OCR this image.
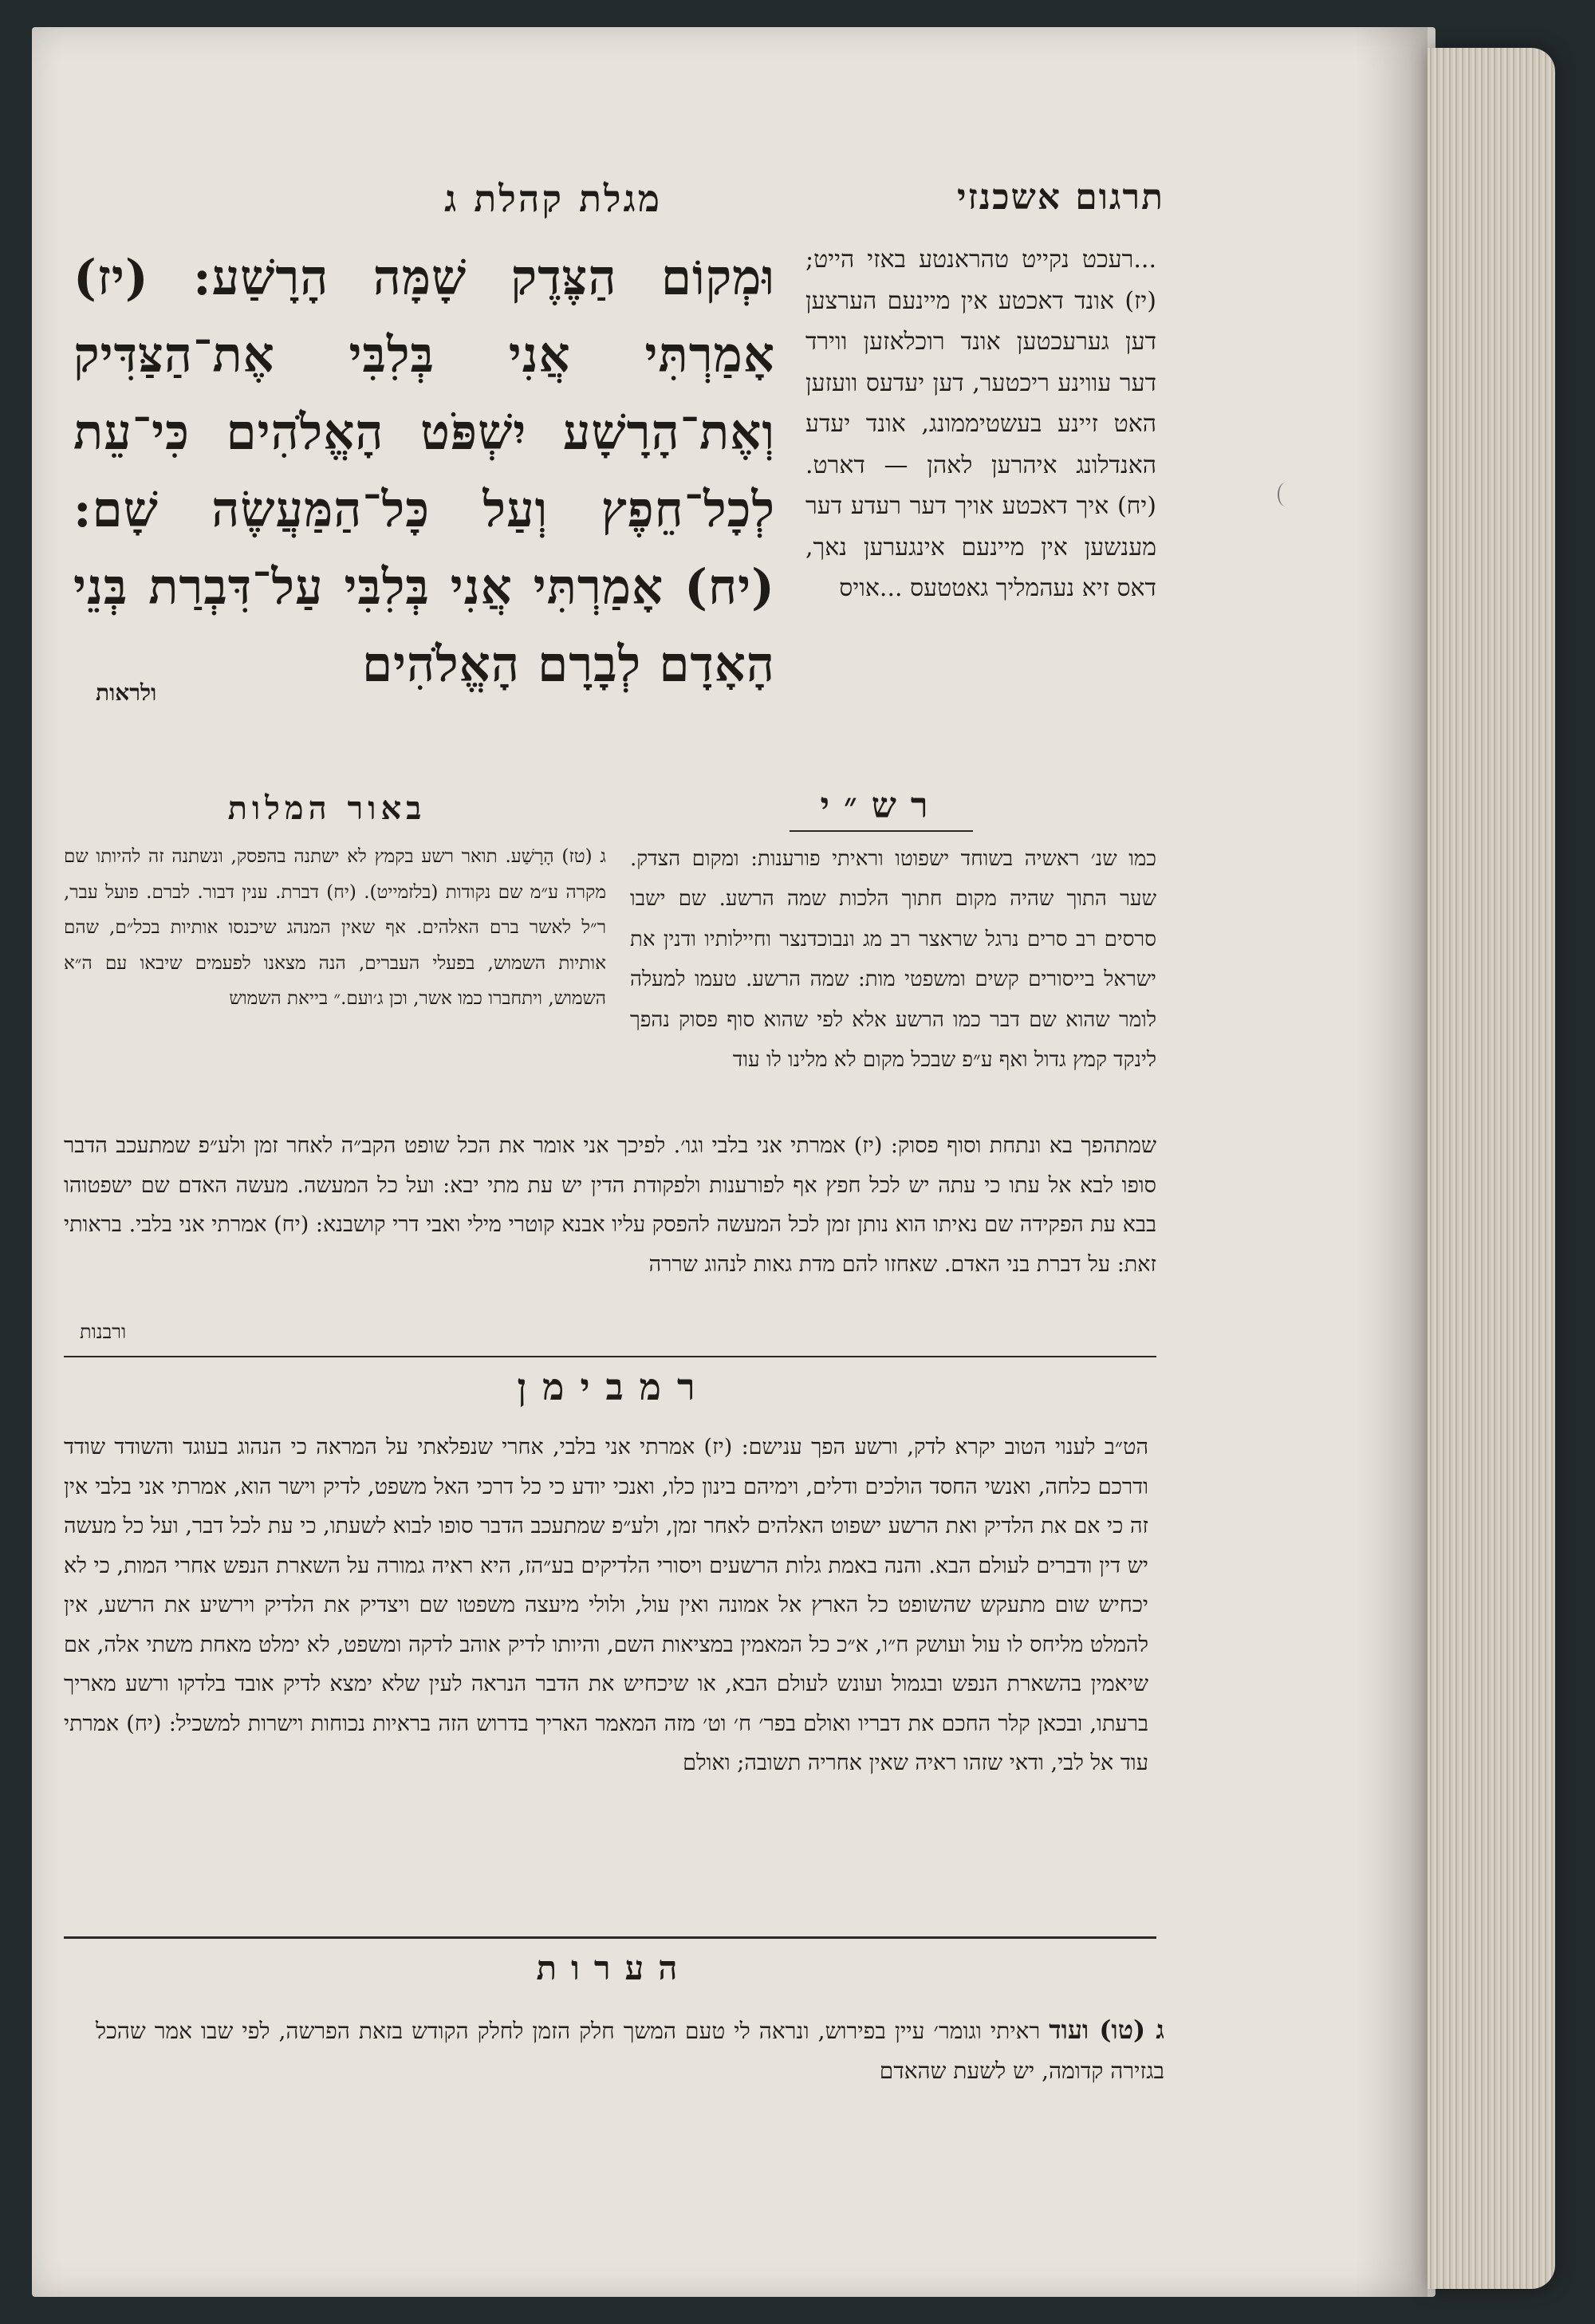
תרגום אשכנזי
מגלת קהלת ג

...רעכט נקייט טהראנטע באזי הייט; (יז) אונד דאכטע אין מיינעם הערצען דען גערעכטען אונד רוכלאזען ווירד דער עווינע ריכטער, דען יעדעס וועזען האט זיינע בעשטיממונג, אונד יעדע האנדלונג איהרען לאהן — דארט. (יח) איך דאכטע אויך דער רעדע דער מענשען אין מיינעם אינגערען נאך, דאס זיא נעהמליך גאטטעס ...אויס

וּמְקוֹם הַצֶּדֶק שָׁמָּה הָרָשַׁע: (יז) אָמַרְתִּי אֲנִי בְּלִבִּי אֶת־הַצַּדִּיק וְאֶת־הָרָשָׁע יִשְׁפֹּט הָאֱלֹהִים כִּי־עֵת לְכָל־חֵפֶץ וְעַל כָּל־הַמַּעֲשֶׂה שָׁם: (יח) אָמַרְתִּי אֲנִי בְּלִבִּי עַל־דִּבְרַת בְּנֵי הָאָדָם לְבָרָם הָאֱלֹהִים

ולראות
רש״י
באור המלות

כמו שנ׳ ראשיה בשוחד ישפוטו וראיתי פורענות: ומקום הצדק. שער התוך שהיה מקום חתוך הלכות שמה הרשע. שם ישבו סרסים רב סרים נרגל שראצר רב מג ונבוכדנצר וחיילותיו ודנין את ישראל בייסורים קשים ומשפטי מות: שמה הרשע. טעמו למעלה לומר שהוא שם דבר כמו הרשע אלא לפי שהוא סוף פסוק נהפך לינקד קמץ גדול ואף ע״פ שבכל מקום לא מלינו לו עוד

ג (טז) הָרָשַׁע. תואר רשע בקמץ לא ישתנה בהפסק, ונשתנה זה להיותו שם מקרה ע״מ שם נקודות (בלזמייט). (יח) דברת. ענין דבור. לברם. פועל עבר, ר״ל לאשר ברם האלהים. אף שאין המנהג שיכנסו אותיות בכל״ם, שהם אותיות השמוש, בפעלי העברים, הנה מצאנו לפעמים שיבאו עם ה״א השמוש, ויתחברו כמו אשר, וכן ג׳ועם.״ בייאת השמוש

שמתהפך בא ונתחת וסוף פסוק: (יז) אמרתי אני בלבי וגו׳. לפיכך אני אומר את הכל שופט הקב״ה לאחר זמן ולע״פ שמתעכב הדבר סופו לבא אל עתו כי עתה יש לכל חפץ אף לפורענות ולפקודת הדין יש עת מתי יבא: ועל כל המעשה. מעשה האדם שם ישפטוהו בבא עת הפקידה שם נאיתו הוא נותן זמן לכל המעשה להפסק עליו אבנא קוטרי מילי ואבי דרי קושבנא: (יח) אמרתי אני בלבי. בראותי זאת: על דברת בני האדם. שאחזו להם מדת גאות לנהוג שררה

ורבנות
רמבימן

הט״ב לענוי הטוב יקרא לדק, ורשע הפך ענישם: (יז) אמרתי אני בלבי, אחרי שנפלאתי על המראה כי הנהוג בעוגד והשודד שודד ודרכם כלחה, ואנשי החסד הולכים ודלים, וימיהם בינון כלו, ואנכי יודע כי כל דרכי האל משפט, לדיק וישר הוא, אמרתי אני בלבי אין זה כי אם את הלדיק ואת הרשע ישפוט האלהים לאחר זמן, ולע״פ שמתעכב הדבר סופו לבוא לשעתו, כי עת לכל דבר, ועל כל מעשה יש דין ודברים לעולם הבא. והנה באמת גלות הרשעים ויסורי הלדיקים בע״הז, היא ראיה גמורה על השארת הנפש אחרי המות, כי לא יכחיש שום מתעקש שהשופט כל הארץ אל אמונה ואין עול, ולולי מיעצה משפטו שם ויצדיק את הלדיק וירשיע את הרשע, אין להמלט מליחס לו עול ועושק ח״ו, א״כ כל המאמין במציאות השם, והיותו לדיק אוהב לדקה ומשפט, לא ימלט מאחת משתי אלה, אם שיאמין בהשארת הנפש ובגמול ועונש לעולם הבא, או שיכחיש את הדבר הנראה לעין שלא ימצא לדיק אובד בלדקו ורשע מאריך ברעתו, ובכאן קלר החכם את דבריו ואולם בפר׳ ח׳ וט׳ מזה המאמר האריך בדרוש הזה בראיות נכוחות וישרות למשכיל: (יח) אמרתי עוד אל לבי, ודאי שזהו ראיה שאין אחריה תשובה; ואולם

הערות

ג (טו) ועוד ראיתי וגומר׳ עיין בפירוש, ונראה לי טעם המשך חלק הזמן לחלק הקודש בזאת הפרשה, לפי שבו אמר שהכל בגזירה קדומה, יש לשעת שהאדם
